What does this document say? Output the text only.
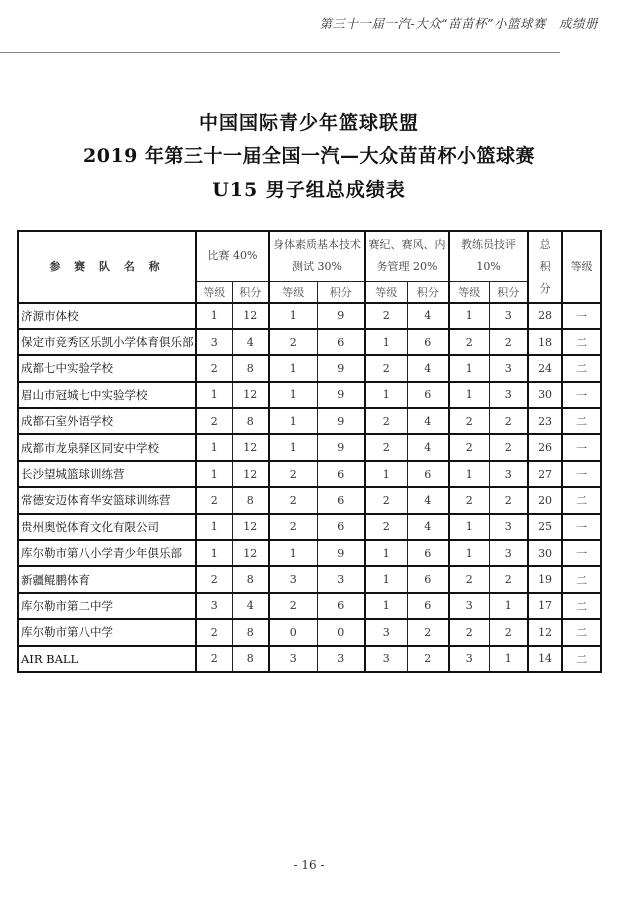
第三十一届一汽-大众“苗苗杯”小篮球赛　成绩册
中国国际青少年篮球联盟
2019 年第三十一届全国一汽—大众苗苗杯小篮球赛
U15 男子组总成绩表
参 赛 队 名 称	比赛 40%		身体素质基本技术测试 30%		赛纪、赛风、内务管理 20%		教练员技评 10%		总积分	等级
	等级	积分	等级	积分	等级	积分	等级	积分		
济源市体校	1	12	1	9	2	4	1	3	28	一
保定市竞秀区乐凯小学体育俱乐部	3	4	2	6	1	6	2	2	18	二
成都七中实验学校	2	8	1	9	2	4	1	3	24	二
眉山市冠城七中实验学校	1	12	1	9	1	6	1	3	30	一
成都石室外语学校	2	8	1	9	2	4	2	2	23	二
成都市龙泉驿区同安中学校	1	12	1	9	2	4	2	2	26	一
长沙望城篮球训练营	1	12	2	6	1	6	1	3	27	一
常德安迈体育华安篮球训练营	2	8	2	6	2	4	2	2	20	二
贵州奥悦体育文化有限公司	1	12	2	6	2	4	1	3	25	一
库尔勒市第八小学青少年俱乐部	1	12	1	9	1	6	1	3	30	一
新疆鲲鹏体育	2	8	3	3	1	6	2	2	19	二
库尔勒市第二中学	3	4	2	6	1	6	3	1	17	二
库尔勒市第八中学	2	8	0	0	3	2	2	2	12	二
AIR BALL	2	8	3	3	3	2	3	1	14	二
- 16 -
